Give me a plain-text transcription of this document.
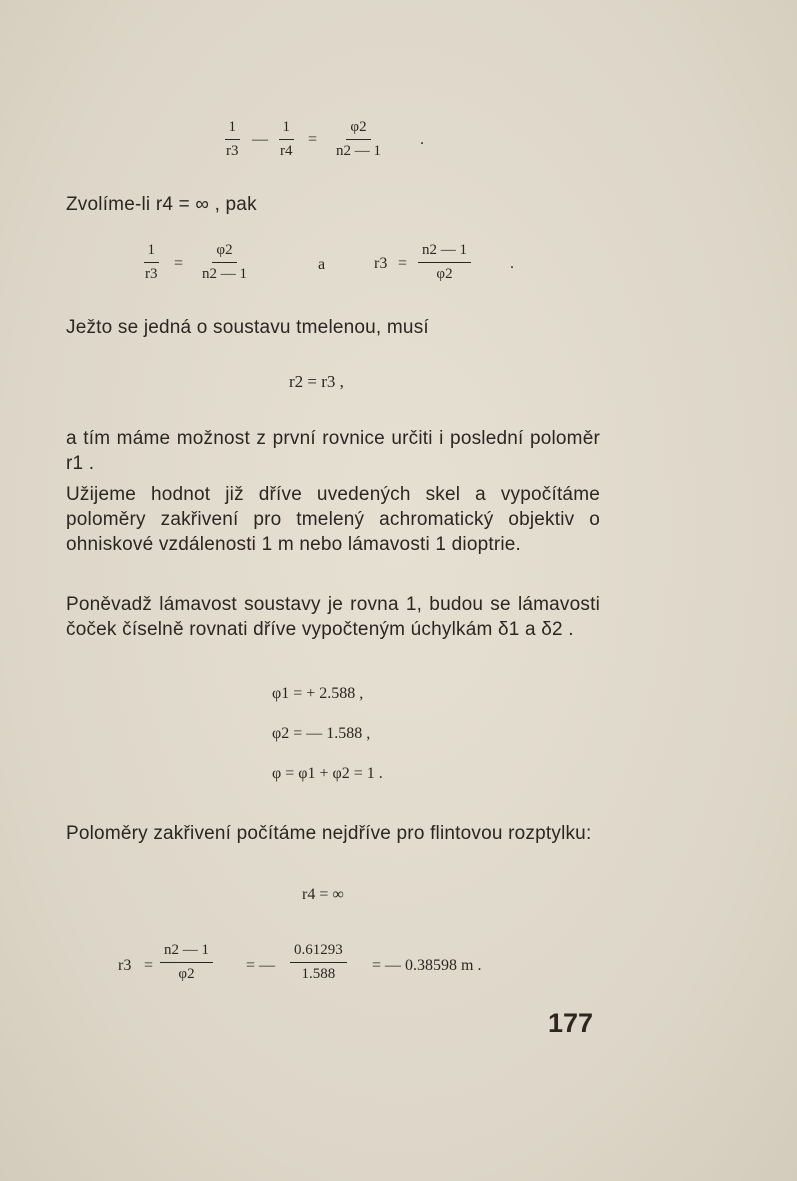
$\frac{1}{r3}$ — $\frac{1}{r4} = \frac{\varphi 2}{n2 — 1}$ .
Zvolíme-li r4 = ∞ , pak
$\frac{1}{r3} = \frac{\varphi 2}{n2 — 1}$	a	$r3 = \frac{n2 — 1}{\varphi 2}$ .
Ježto se jedná o soustavu tmelenou, musí
r2 = r3 ,
a tím máme možnost z první rovnice určiti i poslední poloměr r1 .
Užijeme hodnot již dříve uvedených skel a vypočítáme poloměry zakřivení pro tmelený achromatický objektiv o ohniskové vzdálenosti 1 m nebo lámavosti 1 dioptrie.
Poněvadž lámavost soustavy je rovna 1, budou se lámavosti čoček číselně rovnati dříve vypočteným úchylkám δ1 a δ2 .
φ1 = + 2.588 ,
φ2 = — 1.588 ,
φ = φ1 + φ2 = 1 .
Poloměry zakřivení počítáme nejdříve pro flintovou rozptylku:
r4 = ∞
$r3 = \frac{n2 — 1}{\varphi 2}$ = — $\frac{0.61293}{1.588}$ = — 0.38598 m .
177
